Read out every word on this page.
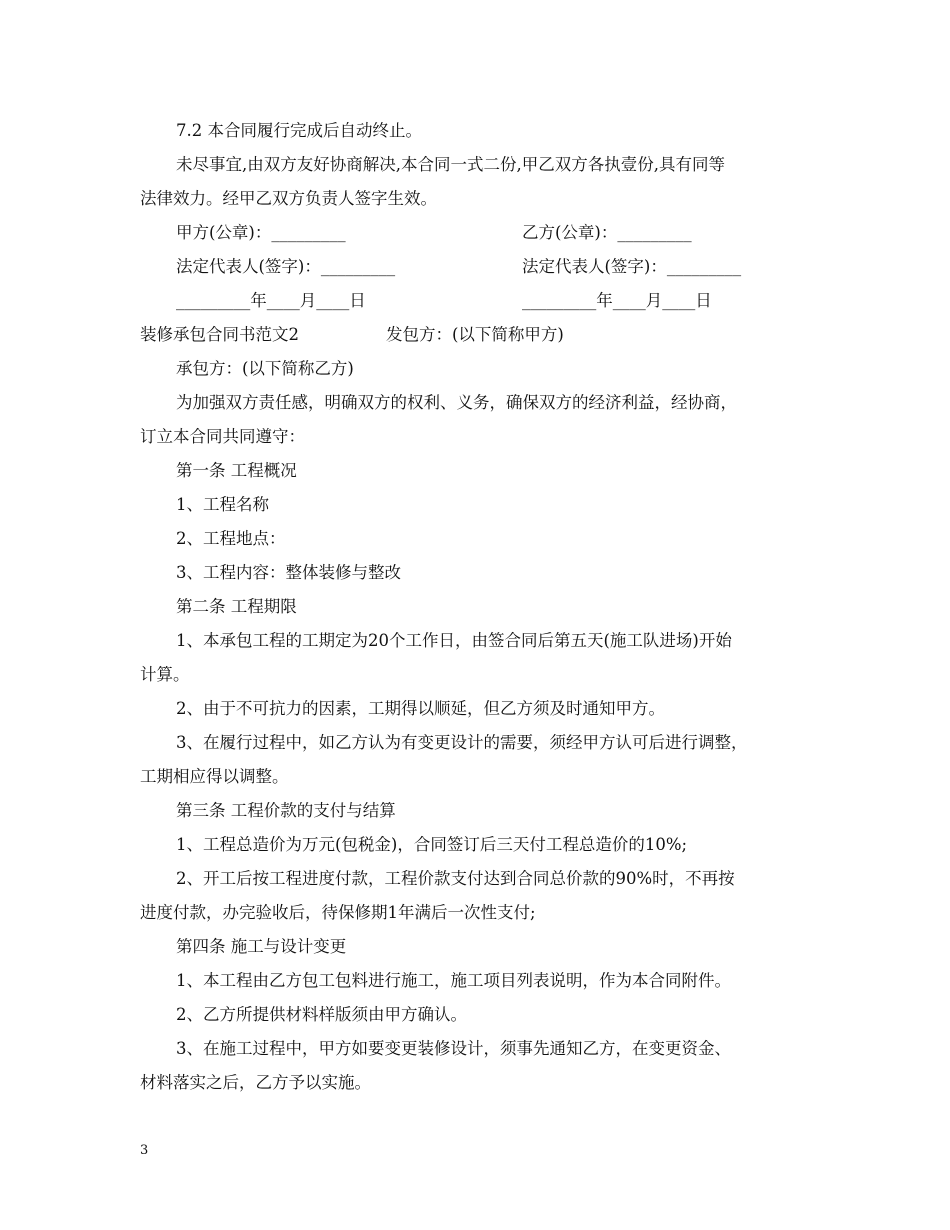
7.2 本合同履行完成后自动终止。
未尽事宜,由双方友好协商解决,本合同一式二份,甲乙双方各执壹份,具有同等
法律效力。经甲乙双方负责人签字生效。
甲方(公章)：_________	乙方(公章)：_________
法定代表人(签字)：_________	法定代表人(签字)：_________
_________年____月____日	_________年____月____日
装修承包合同书范文2	发包方：(以下简称甲方)
承包方：(以下简称乙方)
为加强双方责任感，明确双方的权利、义务，确保双方的经济利益，经协商，
订立本合同共同遵守：
第一条 工程概况
1、工程名称
2、工程地点：
3、工程内容：整体装修与整改
第二条 工程期限
1、本承包工程的工期定为20个工作日，由签合同后第五天(施工队进场)开始
计算。
2、由于不可抗力的因素，工期得以顺延，但乙方须及时通知甲方。
3、在履行过程中，如乙方认为有变更设计的需要，须经甲方认可后进行调整，
工期相应得以调整。
第三条 工程价款的支付与结算
1、工程总造价为万元(包税金)，合同签订后三天付工程总造价的10%;
2、开工后按工程进度付款，工程价款支付达到合同总价款的90%时，不再按
进度付款，办完验收后，待保修期1年满后一次性支付;
第四条 施工与设计变更
1、本工程由乙方包工包料进行施工，施工项目列表说明，作为本合同附件。
2、乙方所提供材料样版须由甲方确认。
3、在施工过程中，甲方如要变更装修设计，须事先通知乙方，在变更资金、
材料落实之后，乙方予以实施。
3
